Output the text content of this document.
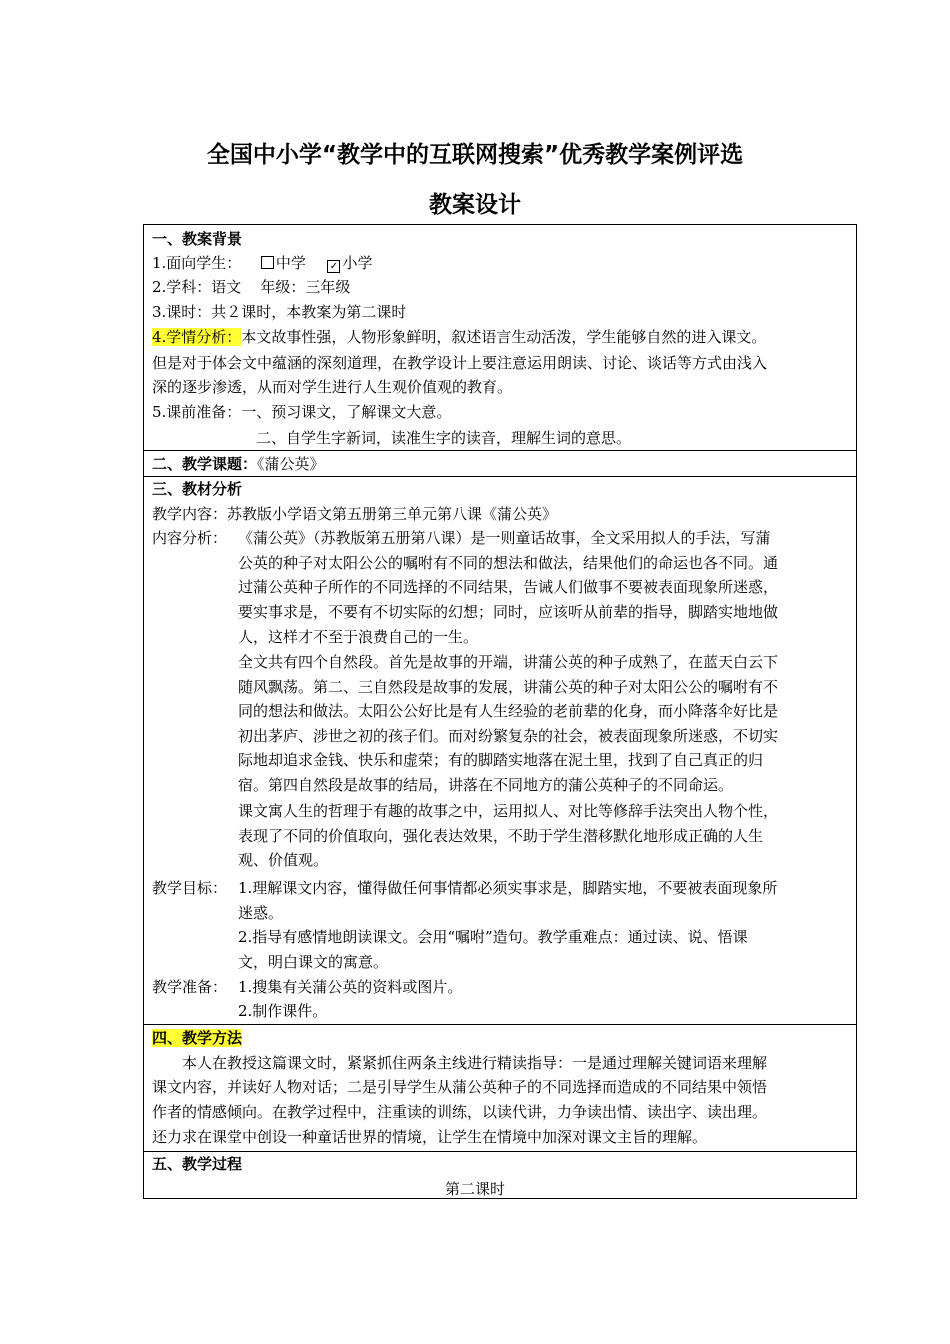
全国中小学“教学中的互联网搜索”优秀教学案例评选
教案设计
一、教案背景
1.面向学生： 中学 ✓ 小学
2.学科：语文    年级：三年级
3.课时：共２课时，本教案为第二课时
4.学情分析：本文故事性强，人物形象鲜明，叙述语言生动活泼，学生能够自然的进入课文。
但是对于体会文中蕴涵的深刻道理，在教学设计上要注意运用朗读、讨论、谈话等方式由浅入
深的逐步渗透，从而对学生进行人生观价值观的教育。
5.课前准备：一、预习课文，了解课文大意。
二、自学生字新词，读准生字的读音，理解生词的意思。
二、教学课题：《蒲公英》
三、教材分析
教学内容：苏教版小学语文第五册第三单元第八课《蒲公英》
内容分析： 《蒲公英》（苏教版第五册第八课）是一则童话故事，全文采用拟人的手法，写蒲
公英的种子对太阳公公的嘱咐有不同的想法和做法，结果他们的命运也各不同。通
过蒲公英种子所作的不同选择的不同结果，告诫人们做事不要被表面现象所迷惑，
要实事求是，不要有不切实际的幻想；同时，应该听从前辈的指导，脚踏实地地做
人，这样才不至于浪费自己的一生。
全文共有四个自然段。首先是故事的开端，讲蒲公英的种子成熟了，在蓝天白云下
随风飘荡。第二、三自然段是故事的发展，讲蒲公英的种子对太阳公公的嘱咐有不
同的想法和做法。太阳公公好比是有人生经验的老前辈的化身，而小降落伞好比是
初出茅庐、涉世之初的孩子们。而对纷繁复杂的社会，被表面现象所迷惑，不切实
际地却追求金钱、快乐和虚荣；有的脚踏实地落在泥土里，找到了自己真正的归
宿。第四自然段是故事的结局，讲落在不同地方的蒲公英种子的不同命运。
课文寓人生的哲理于有趣的故事之中，运用拟人、对比等修辞手法突出人物个性，
表现了不同的价值取向，强化表达效果，不助于学生潜移默化地形成正确的人生
观、价值观。
教学目标： 1.理解课文内容，懂得做任何事情都必须实事求是，脚踏实地，不要被表面现象所
迷惑。
2.指导有感情地朗读课文。会用“嘱咐”造句。教学重难点：通过读、说、悟课
文，明白课文的寓意。
教学准备： 1.搜集有关蒲公英的资料或图片。
2.制作课件。
四、教学方法
本人在教授这篇课文时，紧紧抓住两条主线进行精读指导：一是通过理解关键词语来理解
课文内容，并读好人物对话；二是引导学生从蒲公英种子的不同选择而造成的不同结果中领悟
作者的情感倾向。在教学过程中，注重读的训练，以读代讲，力争读出情、读出字、读出理。
还力求在课堂中创设一种童话世界的情境，让学生在情境中加深对课文主旨的理解。
五、教学过程
第二课时
